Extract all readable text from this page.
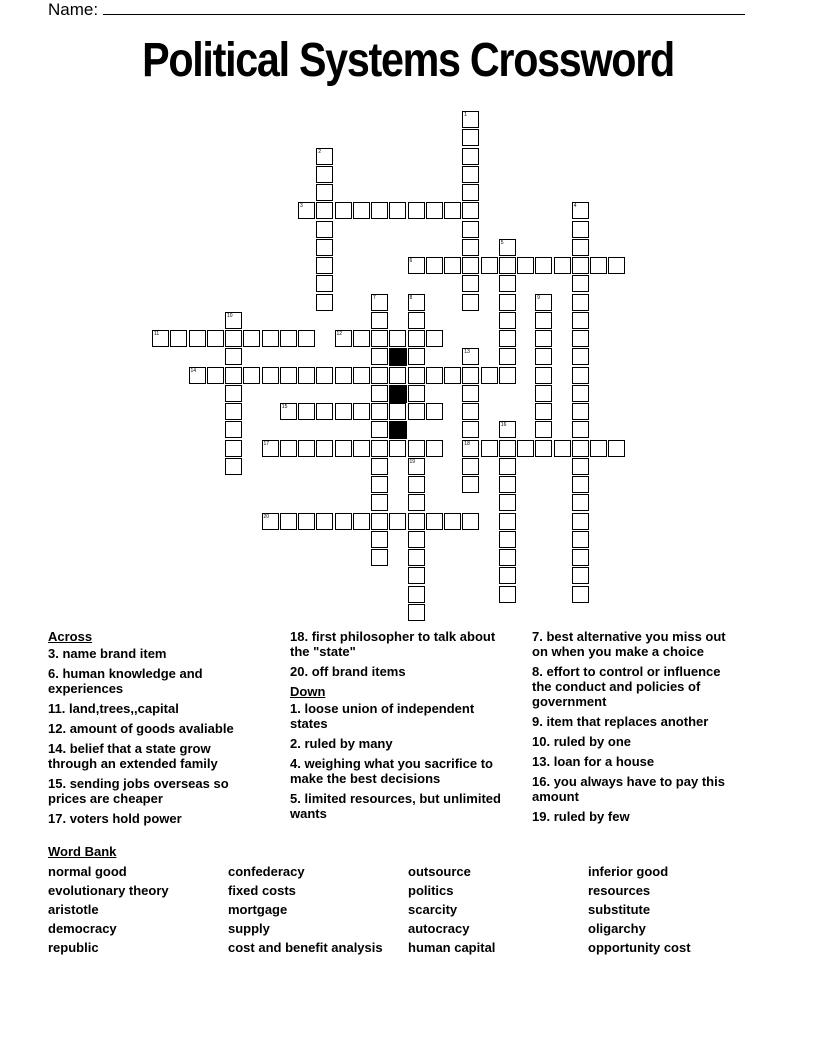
Name:
Political Systems Crossword
1
2
3	4
5
6
7	8	9
10
11	12
13
18
14
15
16
17
19
20
Across
3. name brand item
6. human knowledge and experiences
11. land,trees,,capital
12. amount of goods avaliable
14. belief that a state grow through an extended family
15. sending jobs overseas so prices are cheaper
17. voters hold power
18. first philosopher to talk about the "state"
20. off brand items
Down
1. loose union of independent states
2. ruled by many
4. weighing what you sacrifice to make the best decisions
5. limited resources, but unlimited wants
7. best alternative you miss out on when you make a choice
8. effort to control or influence the conduct and policies of government
9. item that replaces another
10. ruled by one
13. loan for a house
16. you always have to pay this amount
19. ruled by few
Word Bank
normal good
evolutionary theory
aristotle
democracy
republic
confederacy
fixed costs
mortgage
supply
cost and benefit analysis
outsource
politics
scarcity
autocracy
human capital
inferior good
resources
substitute
oligarchy
opportunity cost
